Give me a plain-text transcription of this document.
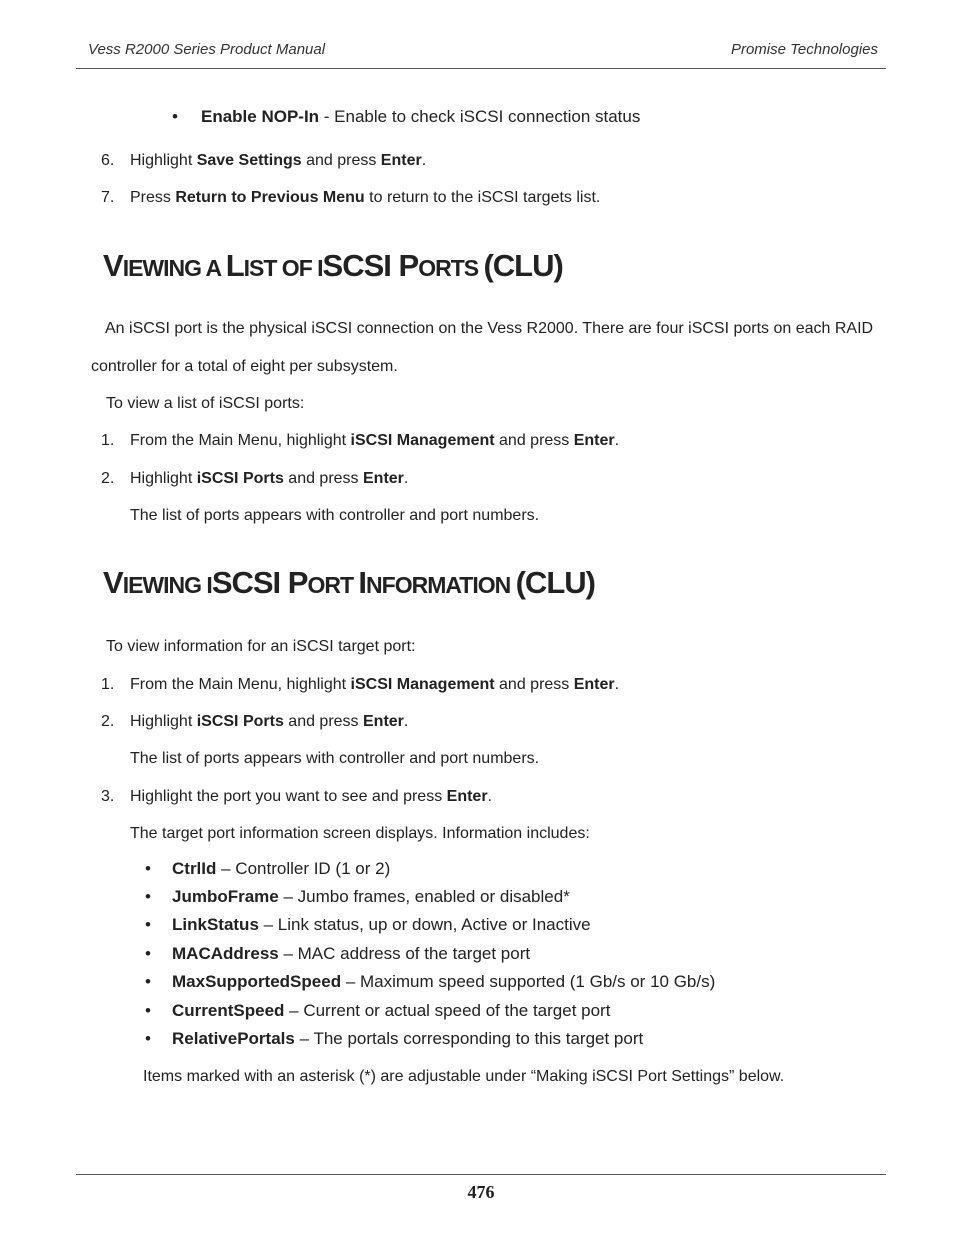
Vess R2000 Series Product Manual	Promise Technologies
• Enable NOP-In - Enable to check iSCSI connection status
6. Highlight Save Settings and press Enter.
7. Press Return to Previous Menu to return to the iSCSI targets list.
VIEWING A LIST OF ISCSI PORTS (CLU)
An iSCSI port is the physical iSCSI connection on the Vess R2000. There are four iSCSI ports on each RAID
controller for a total of eight per subsystem.
To view a list of iSCSI ports:
1. From the Main Menu, highlight iSCSI Management and press Enter.
2. Highlight iSCSI Ports and press Enter.
The list of ports appears with controller and port numbers.
VIEWING ISCSI PORT INFORMATION (CLU)
To view information for an iSCSI target port:
1. From the Main Menu, highlight iSCSI Management and press Enter.
2. Highlight iSCSI Ports and press Enter.
The list of ports appears with controller and port numbers.
3. Highlight the port you want to see and press Enter.
The target port information screen displays. Information includes:
• CtrlId – Controller ID (1 or 2)
• JumboFrame – Jumbo frames, enabled or disabled*
• LinkStatus – Link status, up or down, Active or Inactive
• MACAddress – MAC address of the target port
• MaxSupportedSpeed – Maximum speed supported (1 Gb/s or 10 Gb/s)
• CurrentSpeed – Current or actual speed of the target port
• RelativePortals – The portals corresponding to this target port
Items marked with an asterisk (*) are adjustable under “Making iSCSI Port Settings” below.
476
